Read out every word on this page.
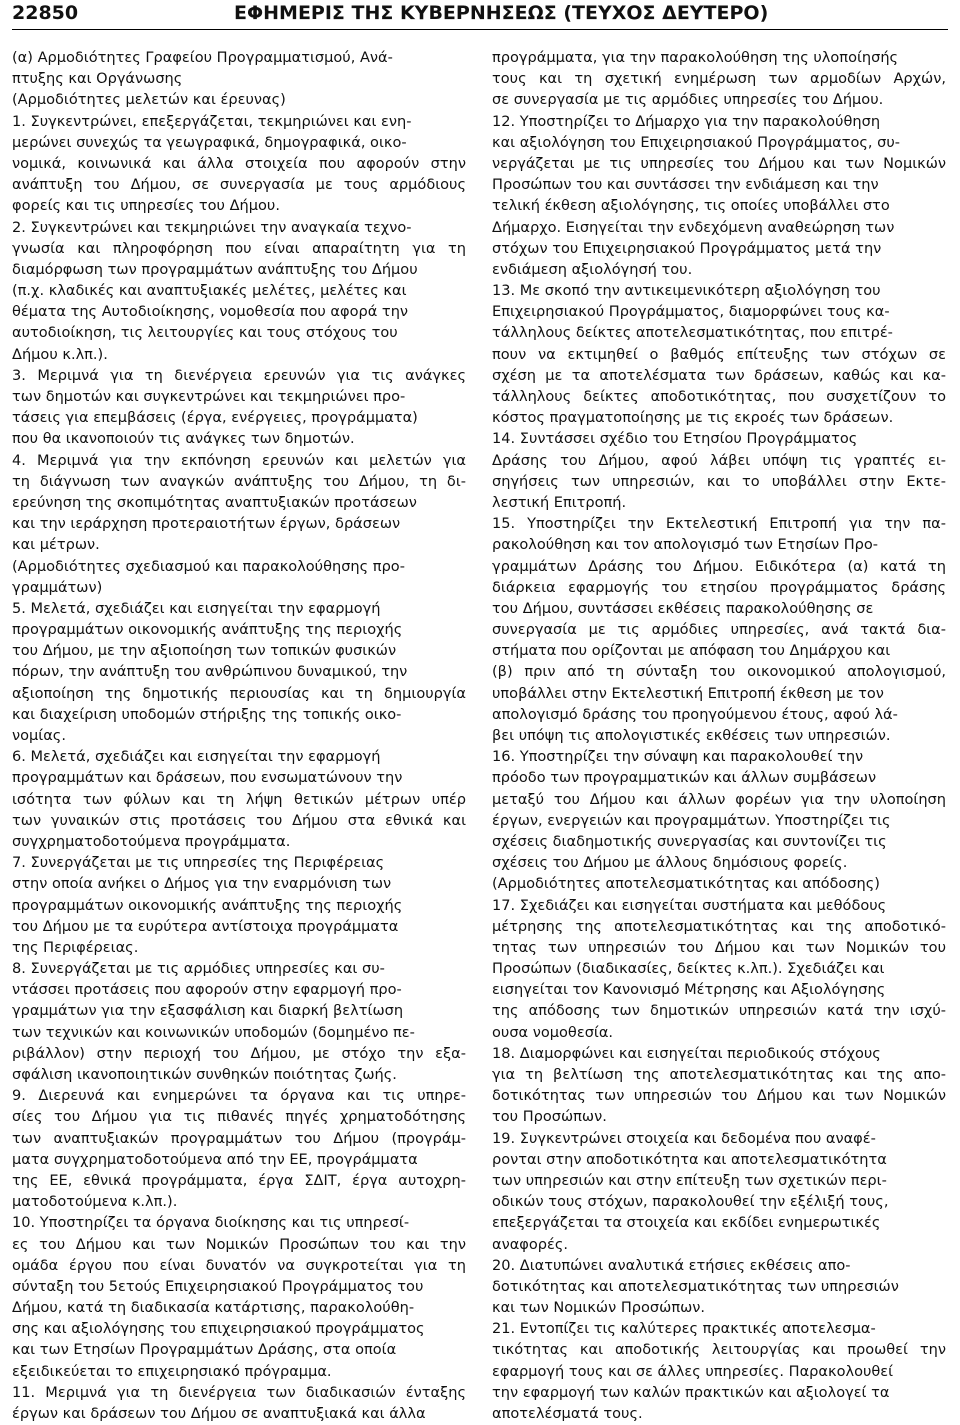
22850	ΕΦΗΜΕΡΙΣ ΤΗΣ ΚΥΒΕΡΝΗΣΕΩΣ (ΤΕΥΧΟΣ ΔΕΥΤΕΡΟ)
(α) Αρμοδιότητες Γραφείου Προγραμματισμού, Ανά-
πτυξης και Οργάνωσης
(Αρμοδιότητες μελετών και έρευνας)
1. Συγκεντρώνει, επεξεργάζεται, τεκμηριώνει και ενη-
μερώνει συνεχώς τα γεωγραφικά, δημογραφικά, οικο-
νομικά, κοινωνικά και άλλα στοιχεία που αφορούν στην
ανάπτυξη του Δήμου, σε συνεργασία με τους αρμόδιους
φορείς και τις υπηρεσίες του Δήμου.
2. Συγκεντρώνει και τεκμηριώνει την αναγκαία τεχνο-
γνωσία και πληροφόρηση που είναι απαραίτητη για τη
διαμόρφωση των προγραμμάτων ανάπτυξης του Δήμου
(π.χ. κλαδικές και αναπτυξιακές μελέτες, μελέτες και
θέματα της Αυτοδιοίκησης, νομοθεσία που αφορά την
αυτοδιοίκηση, τις λειτουργίες και τους στόχους του
Δήμου κ.λπ.).
3. Μεριμνά για τη διενέργεια ερευνών για τις ανάγκες
των δημοτών και συγκεντρώνει και τεκμηριώνει προ-
τάσεις για επεμβάσεις (έργα, ενέργειες, προγράμματα)
που θα ικανοποιούν τις ανάγκες των δημοτών.
4. Μεριμνά για την εκπόνηση ερευνών και μελετών για
τη διάγνωση των αναγκών ανάπτυξης του Δήμου, τη δι-
ερεύνηση της σκοπιμότητας αναπτυξιακών προτάσεων
και την ιεράρχηση προτεραιοτήτων έργων, δράσεων
και μέτρων.
(Αρμοδιότητες σχεδιασμού και παρακολούθησης προ-
γραμμάτων)
5. Μελετά, σχεδιάζει και εισηγείται την εφαρμογή
προγραμμάτων οικονομικής ανάπτυξης της περιοχής
του Δήμου, με την αξιοποίηση των τοπικών φυσικών
πόρων, την ανάπτυξη του ανθρώπινου δυναμικού, την
αξιοποίηση της δημοτικής περιουσίας και τη δημιουργία
και διαχείριση υποδομών στήριξης της τοπικής οικο-
νομίας.
6. Μελετά, σχεδιάζει και εισηγείται την εφαρμογή
προγραμμάτων και δράσεων, που ενσωματώνουν την
ισότητα των φύλων και τη λήψη θετικών μέτρων υπέρ
των γυναικών στις προτάσεις του Δήμου στα εθνικά και
συγχρηματοδοτούμενα προγράμματα.
7. Συνεργάζεται με τις υπηρεσίες της Περιφέρειας
στην οποία ανήκει ο Δήμος για την εναρμόνιση των
προγραμμάτων οικονομικής ανάπτυξης της περιοχής
του Δήμου με τα ευρύτερα αντίστοιχα προγράμματα
της Περιφέρειας.
8. Συνεργάζεται με τις αρμόδιες υπηρεσίες και συ-
ντάσσει προτάσεις που αφορούν στην εφαρμογή προ-
γραμμάτων για την εξασφάλιση και διαρκή βελτίωση
των τεχνικών και κοινωνικών υποδομών (δομημένο πε-
ριβάλλον) στην περιοχή του Δήμου, με στόχο την εξα-
σφάλιση ικανοποιητικών συνθηκών ποιότητας ζωής.
9. Διερευνά και ενημερώνει τα όργανα και τις υπηρε-
σίες του Δήμου για τις πιθανές πηγές χρηματοδότησης
των αναπτυξιακών προγραμμάτων του Δήμου (προγράμ-
ματα συγχρηματοδοτούμενα από την ΕΕ, προγράμματα
της ΕΕ, εθνικά προγράμματα, έργα ΣΔΙΤ, έργα αυτοχρη-
ματοδοτούμενα κ.λπ.).
10. Υποστηρίζει τα όργανα διοίκησης και τις υπηρεσί-
ες του Δήμου και των Νομικών Προσώπων του και την
ομάδα έργου που είναι δυνατόν να συγκροτείται για τη
σύνταξη του 5ετούς Επιχειρησιακού Προγράμματος του
Δήμου, κατά τη διαδικασία κατάρτισης, παρακολούθη-
σης και αξιολόγησης του επιχειρησιακού προγράμματος
και των Ετησίων Προγραμμάτων Δράσης, στα οποία
εξειδικεύεται το επιχειρησιακό πρόγραμμα.
11. Μεριμνά για τη διενέργεια των διαδικασιών ένταξης
έργων και δράσεων του Δήμου σε αναπτυξιακά και άλλα
προγράμματα, για την παρακολούθηση της υλοποίησής
τους και τη σχετική ενημέρωση των αρμοδίων Αρχών,
σε συνεργασία με τις αρμόδιες υπηρεσίες του Δήμου.
12. Υποστηρίζει το Δήμαρχο για την παρακολούθηση
και αξιολόγηση του Επιχειρησιακού Προγράμματος, συ-
νεργάζεται με τις υπηρεσίες του Δήμου και των Νομικών
Προσώπων του και συντάσσει την ενδιάμεση και την
τελική έκθεση αξιολόγησης, τις οποίες υποβάλλει στο
Δήμαρχο. Εισηγείται την ενδεχόμενη αναθεώρηση των
στόχων του Επιχειρησιακού Προγράμματος μετά την
ενδιάμεση αξιολόγησή του.
13. Με σκοπό την αντικειμενικότερη αξιολόγηση του
Επιχειρησιακού Προγράμματος, διαμορφώνει τους κα-
τάλληλους δείκτες αποτελεσματικότητας, που επιτρέ-
πουν να εκτιμηθεί ο βαθμός επίτευξης των στόχων σε
σχέση με τα αποτελέσματα των δράσεων, καθώς και κα-
τάλληλους δείκτες αποδοτικότητας, που συσχετίζουν το
κόστος πραγματοποίησης με τις εκροές των δράσεων.
14. Συντάσσει σχέδιο του Ετησίου Προγράμματος
Δράσης του Δήμου, αφού λάβει υπόψη τις γραπτές ει-
σηγήσεις των υπηρεσιών, και το υποβάλλει στην Εκτε-
λεστική Επιτροπή.
15. Υποστηρίζει την Εκτελεστική Επιτροπή για την πα-
ρακολούθηση και τον απολογισμό των Ετησίων Προ-
γραμμάτων Δράσης του Δήμου. Ειδικότερα (α) κατά τη
διάρκεια εφαρμογής του ετησίου προγράμματος δράσης
του Δήμου, συντάσσει εκθέσεις παρακολούθησης σε
συνεργασία με τις αρμόδιες υπηρεσίες, ανά τακτά δια-
στήματα που ορίζονται με απόφαση του Δημάρχου και
(β) πριν από τη σύνταξη του οικονομικού απολογισμού,
υποβάλλει στην Εκτελεστική Επιτροπή έκθεση με τον
απολογισμό δράσης του προηγούμενου έτους, αφού λά-
βει υπόψη τις απολογιστικές εκθέσεις των υπηρεσιών.
16. Υποστηρίζει την σύναψη και παρακολουθεί την
πρόοδο των προγραμματικών και άλλων συμβάσεων
μεταξύ του Δήμου και άλλων φορέων για την υλοποίηση
έργων, ενεργειών και προγραμμάτων. Υποστηρίζει τις
σχέσεις διαδημοτικής συνεργασίας και συντονίζει τις
σχέσεις του Δήμου με άλλους δημόσιους φορείς.
(Αρμοδιότητες αποτελεσματικότητας και απόδοσης)
17. Σχεδιάζει και εισηγείται συστήματα και μεθόδους
μέτρησης της αποτελεσματικότητας και της αποδοτικό-
τητας των υπηρεσιών του Δήμου και των Νομικών του
Προσώπων (διαδικασίες, δείκτες κ.λπ.). Σχεδιάζει και
εισηγείται τον Κανονισμό Μέτρησης και Αξιολόγησης
της απόδοσης των δημοτικών υπηρεσιών κατά την ισχύ-
ουσα νομοθεσία.
18. Διαμορφώνει και εισηγείται περιοδικούς στόχους
για τη βελτίωση της αποτελεσματικότητας και της απο-
δοτικότητας των υπηρεσιών του Δήμου και των Νομικών
του Προσώπων.
19. Συγκεντρώνει στοιχεία και δεδομένα που αναφέ-
ρονται στην αποδοτικότητα και αποτελεσματικότητα
των υπηρεσιών και στην επίτευξη των σχετικών περι-
οδικών τους στόχων, παρακολουθεί την εξέλιξή τους,
επεξεργάζεται τα στοιχεία και εκδίδει ενημερωτικές
αναφορές.
20. Διατυπώνει αναλυτικά ετήσιες εκθέσεις απο-
δοτικότητας και αποτελεσματικότητας των υπηρεσιών
και των Νομικών Προσώπων.
21. Εντοπίζει τις καλύτερες πρακτικές αποτελεσμα-
τικότητας και αποδοτικής λειτουργίας και προωθεί την
εφαρμογή τους και σε άλλες υπηρεσίες. Παρακολουθεί
την εφαρμογή των καλών πρακτικών και αξιολογεί τα
αποτελέσματά τους.
